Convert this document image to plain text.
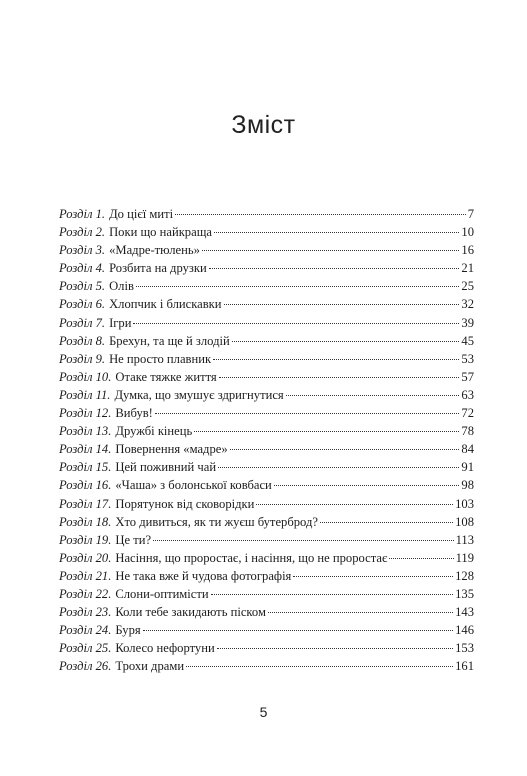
Зміст
Розділ 1. До цієї миті	7
Розділ 2. Поки що найкраща	10
Розділ 3. «Мадре-тюлень»	16
Розділ 4. Розбита на друзки	21
Розділ 5. Олів	25
Розділ 6. Хлопчик і блискавки	32
Розділ 7. Ігри	39
Розділ 8. Брехун, та ще й злодій	45
Розділ 9. Не просто плавник	53
Розділ 10. Отаке тяжке життя	57
Розділ 11. Думка, що змушує здригнутися	63
Розділ 12. Вибув!	72
Розділ 13. Дружбі кінець	78
Розділ 14. Повернення «мадре»	84
Розділ 15. Цей поживний чай	91
Розділ 16. «Чаша» з болонської ковбаси	98
Розділ 17. Порятунок від сковорідки	103
Розділ 18. Хто дивиться, як ти жуєш бутерброд?	108
Розділ 19. Це ти?	113
Розділ 20. Насіння, що проростає, і насіння, що не проростає	119
Розділ 21. Не така вже й чудова фотографія	128
Розділ 22. Слони-оптимісти	135
Розділ 23. Коли тебе закидають піском	143
Розділ 24. Буря	146
Розділ 25. Колесо нефортуни	153
Розділ 26. Трохи драми	161
5
